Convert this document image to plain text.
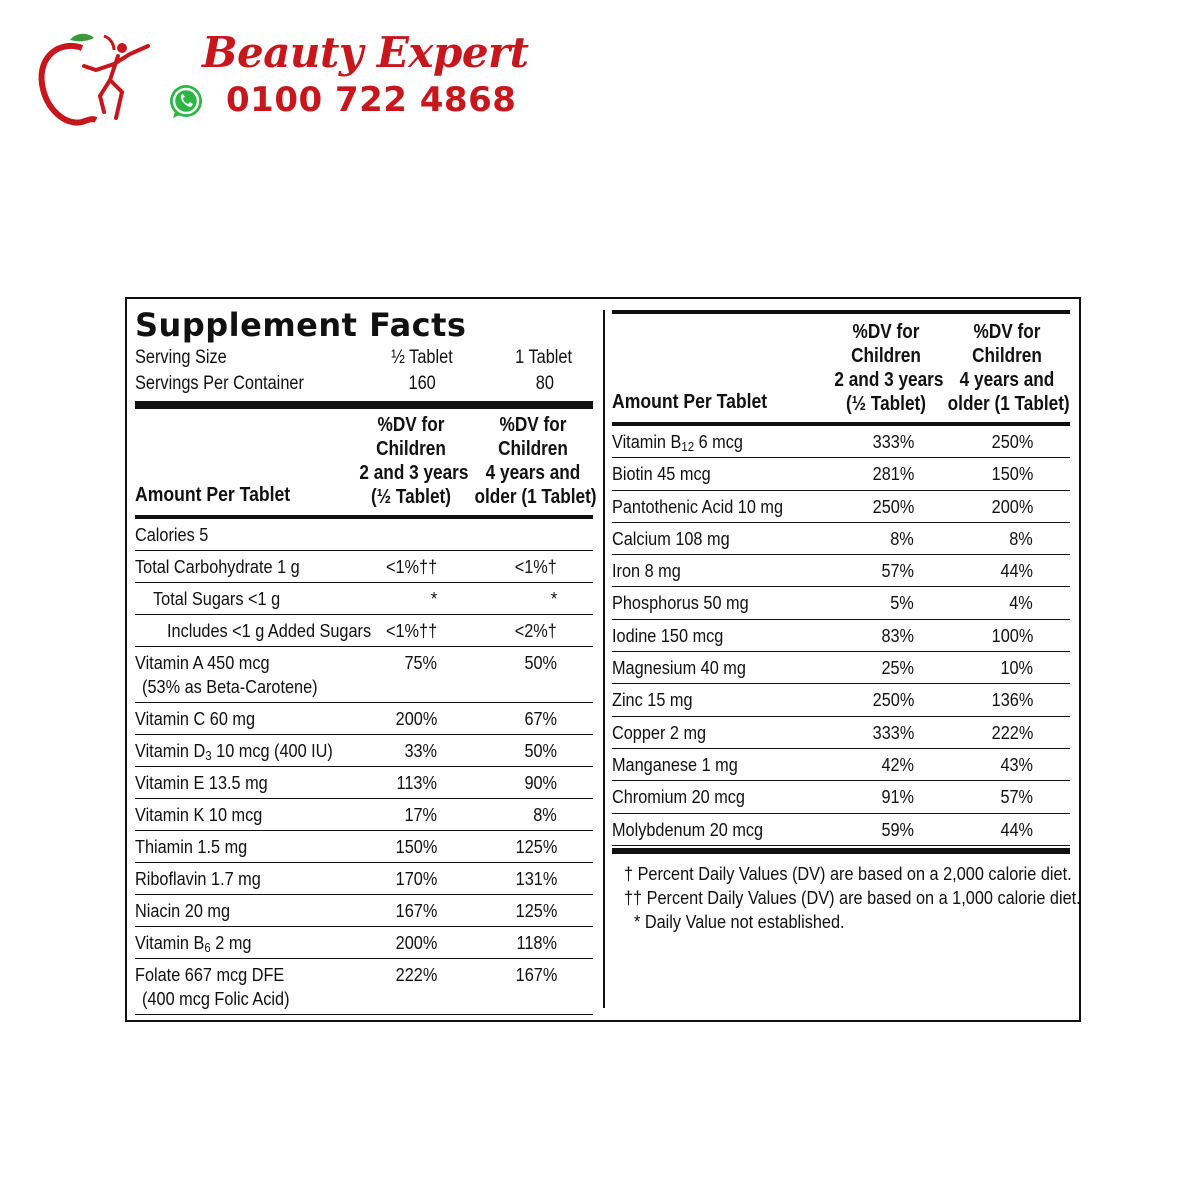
Beauty Expert
0100 722 4868
Supplement Facts
Serving Size	½ Tablet	1 Tablet
Servings Per Container	160	80
Amount Per Tablet
%DV for
Children
2 and 3 years
(½ Tablet)
%DV for
Children
4 years and
older (1 Tablet)
Calories 5
Total Carbohydrate 1 g	<1%††	<1%†
Total Sugars <1 g	*	*
Includes <1 g Added Sugars <1%††	<2%†
Vitamin A 450 mcg
(53% as Beta-Carotene)
75%	50%
Vitamin C 60 mg	200%	67%
Vitamin $D_3$ 10 mcg (400 IU)	33%	50%
Vitamin E 13.5 mg	113%	90%
Vitamin K 10 mcg	17%	8%
Thiamin 1.5 mg	150%	125%
Riboflavin 1.7 mg	170%	131%
Niacin 20 mg	167%	125%
Vitamin $B_6$ 2 mg	200%	118%
Folate 667 mcg DFE
(400 mcg Folic Acid)
222%	167%
Amount Per Tablet
%DV for
Children
2 and 3 years
(½ Tablet)
%DV for
Children
4 years and
older (1 Tablet)
Vitamin $B_{12}$ 6 mcg	333%	250%
Biotin 45 mcg	281%	150%
Pantothenic Acid 10 mg	250%	200%
Calcium 108 mg	8%	8%
Iron 8 mg	57%	44%
Phosphorus 50 mg	5%	4%
Iodine 150 mcg	83%	100%
Magnesium 40 mg	25%	10%
Zinc 15 mg	250%	136%
Copper 2 mg	333%	222%
Manganese 1 mg	42%	43%
Chromium 20 mcg	91%	57%
Molybdenum 20 mcg	59%	44%
† Percent Daily Values (DV) are based on a 2,000 calorie diet.
†† Percent Daily Values (DV) are based on a 1,000 calorie diet.
* Daily Value not established.
